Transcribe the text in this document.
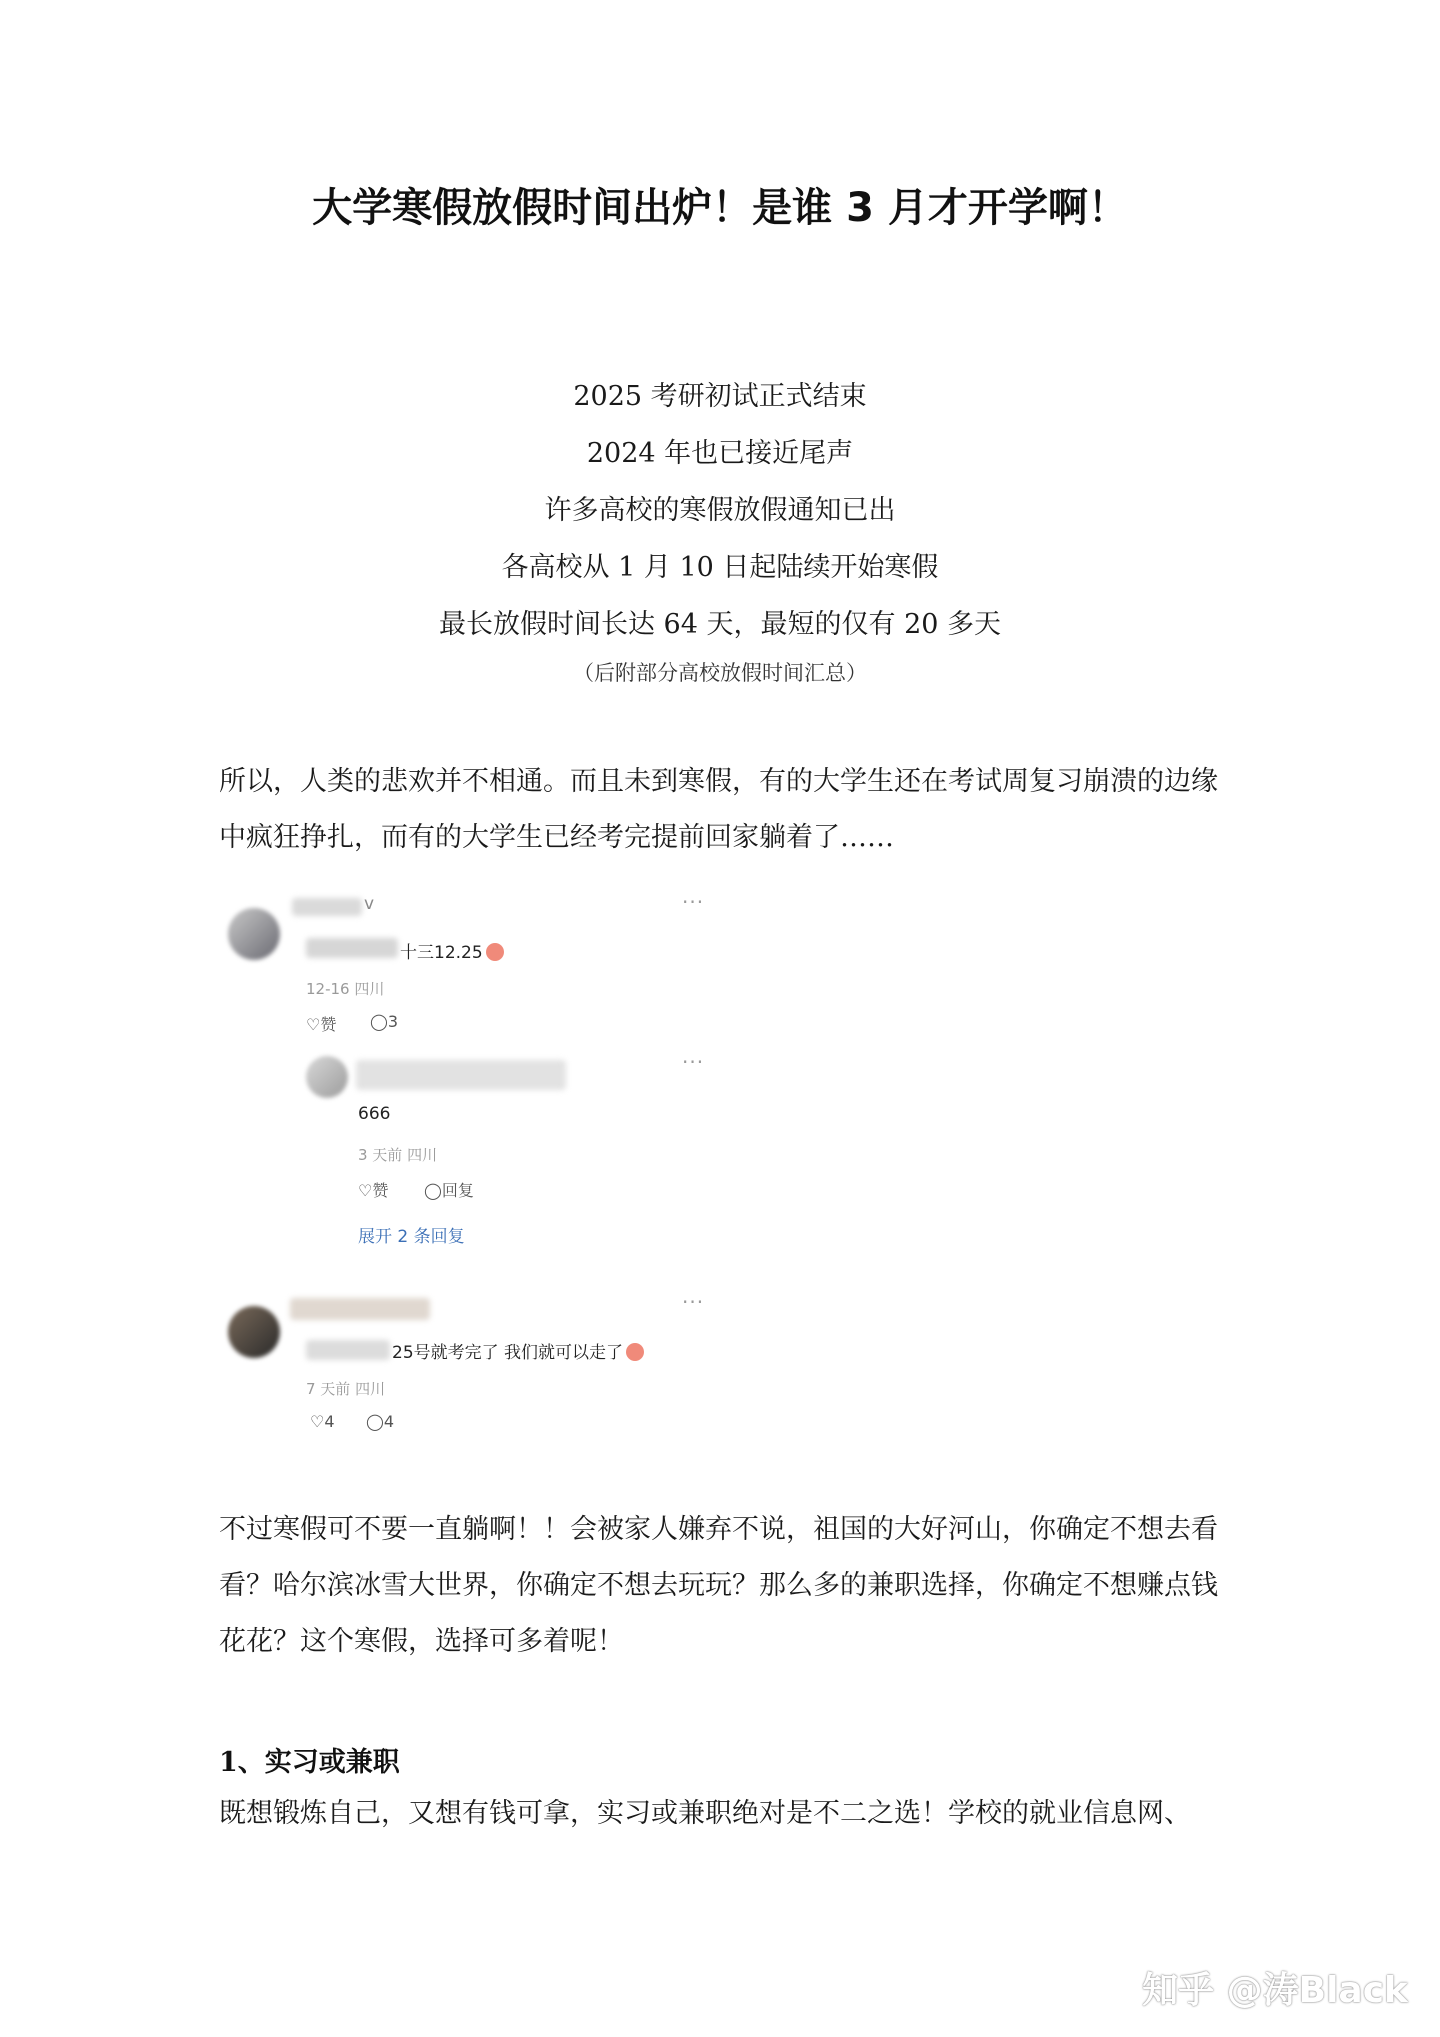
大学寒假放假时间出炉！是谁 3 月才开学啊！
2025 考研初试正式结束
2024 年也已接近尾声
许多高校的寒假放假通知已出
各高校从 1 月 10 日起陆续开始寒假
最长放假时间长达 64 天，最短的仅有 20 多天
（后附部分高校放假时间汇总）

所以，人类的悲欢并不相通。而且未到寒假，有的大学生还在考试周复习崩溃的边缘中疯狂挣扎，而有的大学生已经考完提前回家躺着了……

v	···
十三12.25
12-16 四川
♡赞 ◯3
···
666
3 天前 四川
♡赞 ◯回复
展开 2 条回复
···
25号就考完了 我们就可以走了
7 天前 四川
♡4 ◯4

不过寒假可不要一直躺啊！！会被家人嫌弃不说，祖国的大好河山，你确定不想去看看？哈尔滨冰雪大世界，你确定不想去玩玩？那么多的兼职选择，你确定不想赚点钱花花？这个寒假，选择可多着呢！

1、实习或兼职

既想锻炼自己，又想有钱可拿，实习或兼职绝对是不二之选！学校的就业信息网、

知乎 @涛Black
